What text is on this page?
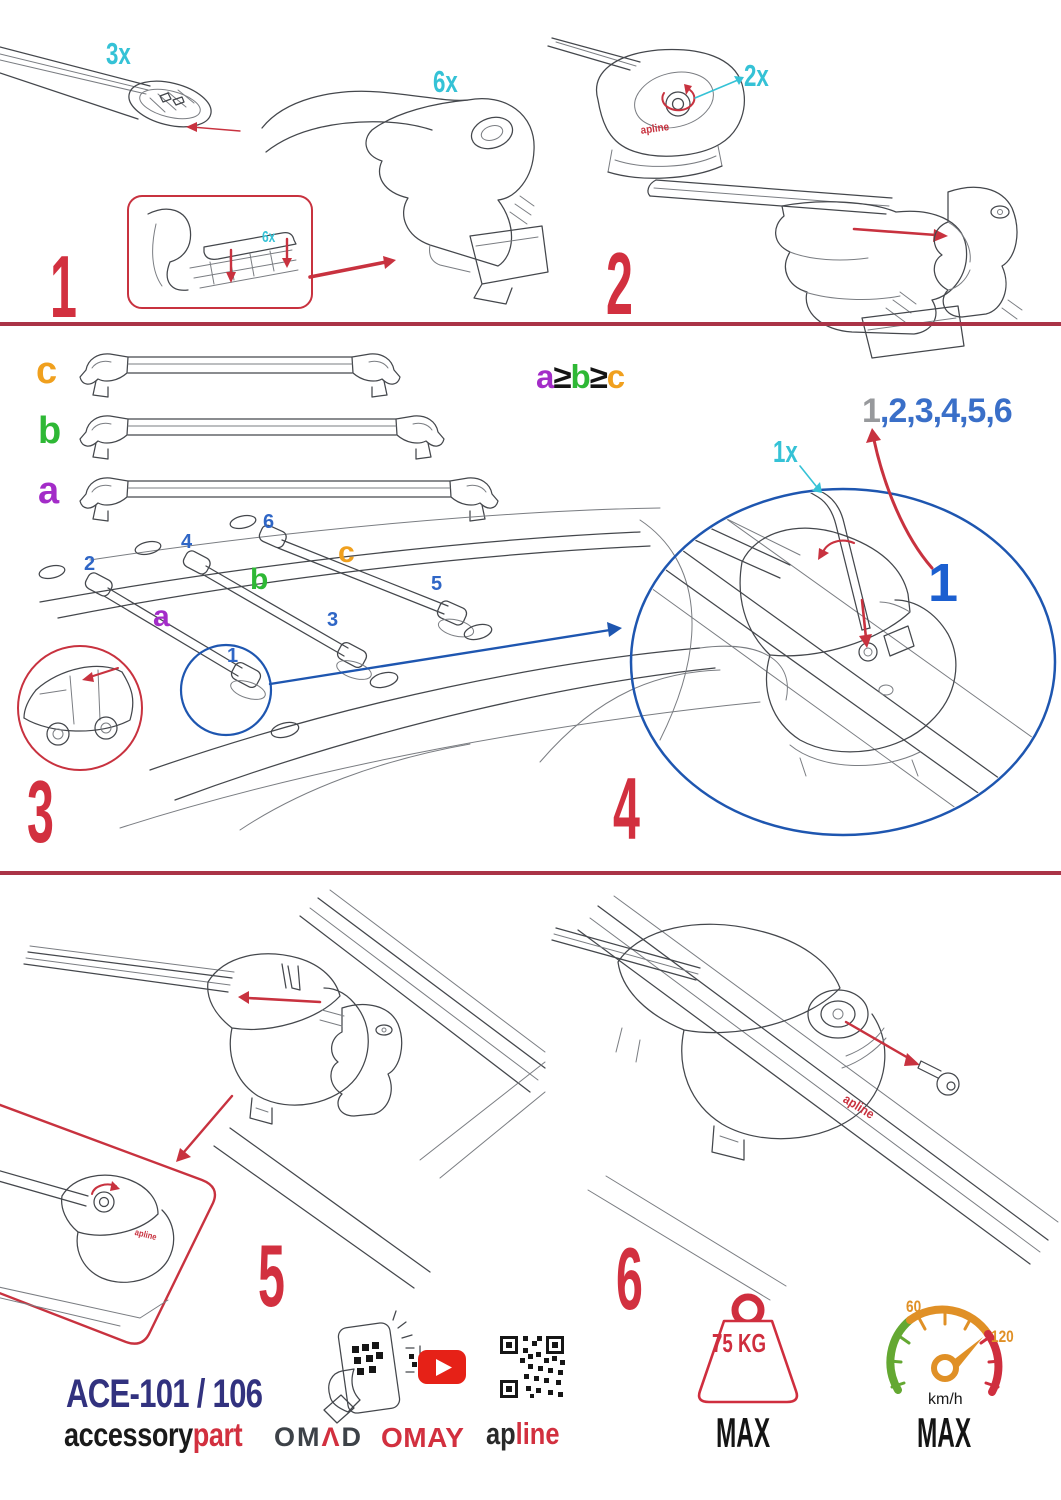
1
3x
6x
6x	2
2x
apline
3
c
b
a
a≥b≥c
2
4
6
3
5
1
a
b
c
4
1x
1,2,3,4,5,6
1
5
apline	6
apline
ACE-101 / 106
accessorypart OMΛD OMAY apline
75 KG
MAX
60
120
km/h
MAX
